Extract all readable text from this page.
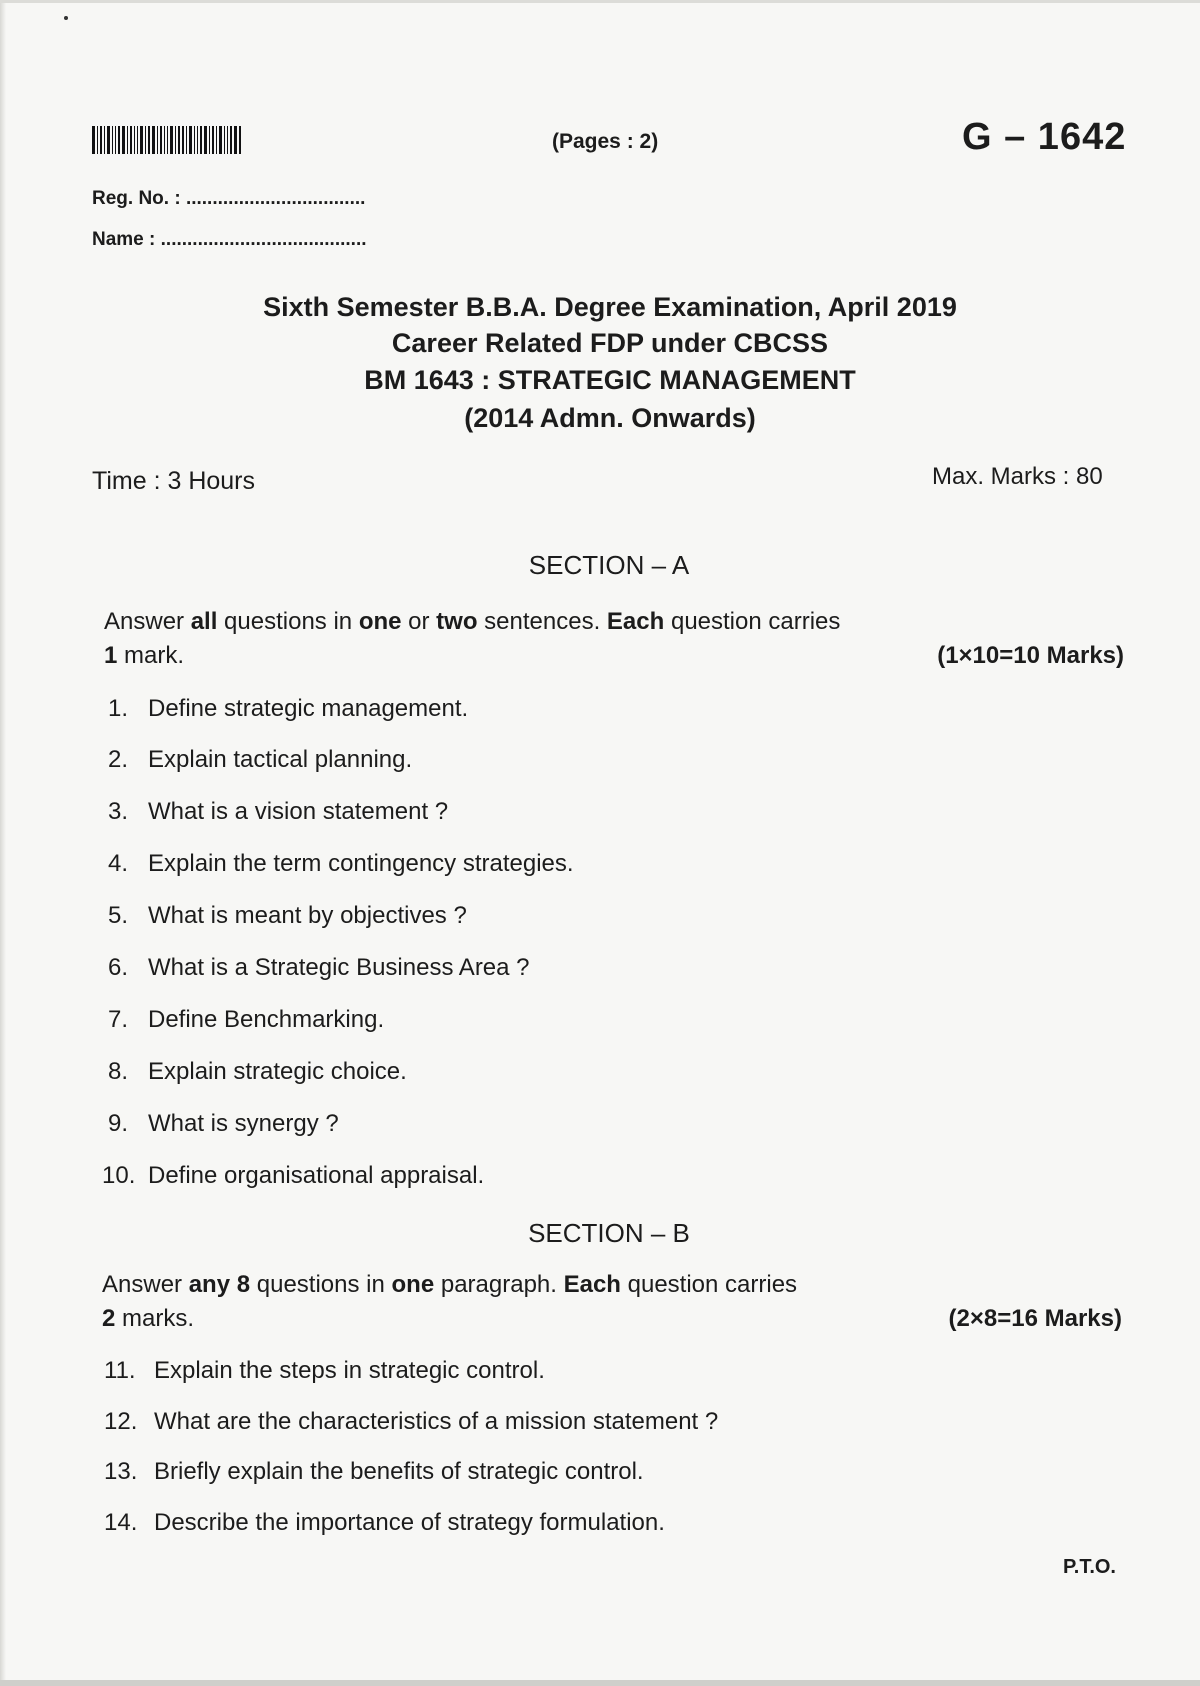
(Pages : 2)	G – 1642
Reg. No. : ..................................
Name : .......................................
Sixth Semester B.B.A. Degree Examination, April 2019
Career Related FDP under CBCSS
BM 1643 : STRATEGIC MANAGEMENT
(2014 Admn. Onwards)
Time : 3 Hours	Max. Marks : 80
SECTION – A
Answer all questions in one or two sentences. Each question carries
1 mark.	(1×10=10 Marks)
1. Define strategic management.
2. Explain tactical planning.
3. What is a vision statement ?
4. Explain the term contingency strategies.
5. What is meant by objectives ?
6. What is a Strategic Business Area ?
7. Define Benchmarking.
8. Explain strategic choice.
9. What is synergy ?
10. Define organisational appraisal.
SECTION – B
Answer any 8 questions in one paragraph. Each question carries
2 marks.	(2×8=16 Marks)
11. Explain the steps in strategic control.
12. What are the characteristics of a mission statement ?
13. Briefly explain the benefits of strategic control.
14. Describe the importance of strategy formulation.
P.T.O.
